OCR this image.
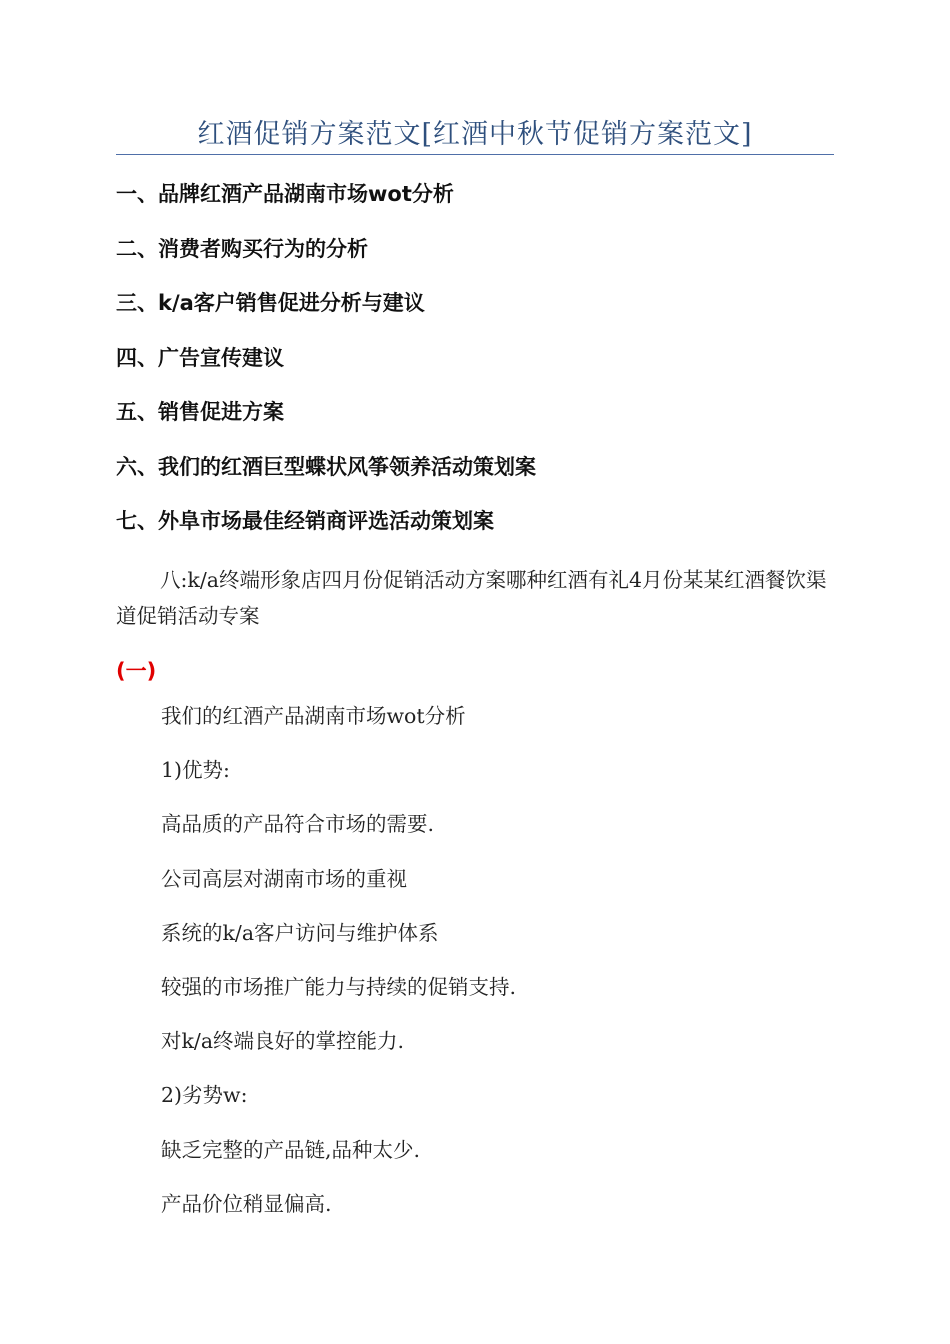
红酒促销方案范文[红酒中秋节促销方案范文]
一、品牌红酒产品湖南市场wot分析
二、消费者购买行为的分析
三、k/a客户销售促进分析与建议
四、广告宣传建议
五、销售促进方案
六、我们的红酒巨型蝶状风筝领养活动策划案
七、外阜市场最佳经销商评选活动策划案
八:k/a终端形象店四月份促销活动方案哪种红酒有礼4月份某某红酒餐饮渠道促销活动专案
(一)
我们的红酒产品湖南市场wot分析
1)优势:
高品质的产品符合市场的需要.
公司高层对湖南市场的重视
系统的k/a客户访问与维护体系
较强的市场推广能力与持续的促销支持.
对k/a终端良好的掌控能力.
2)劣势w:
缺乏完整的产品链,品种太少.
产品价位稍显偏高.
